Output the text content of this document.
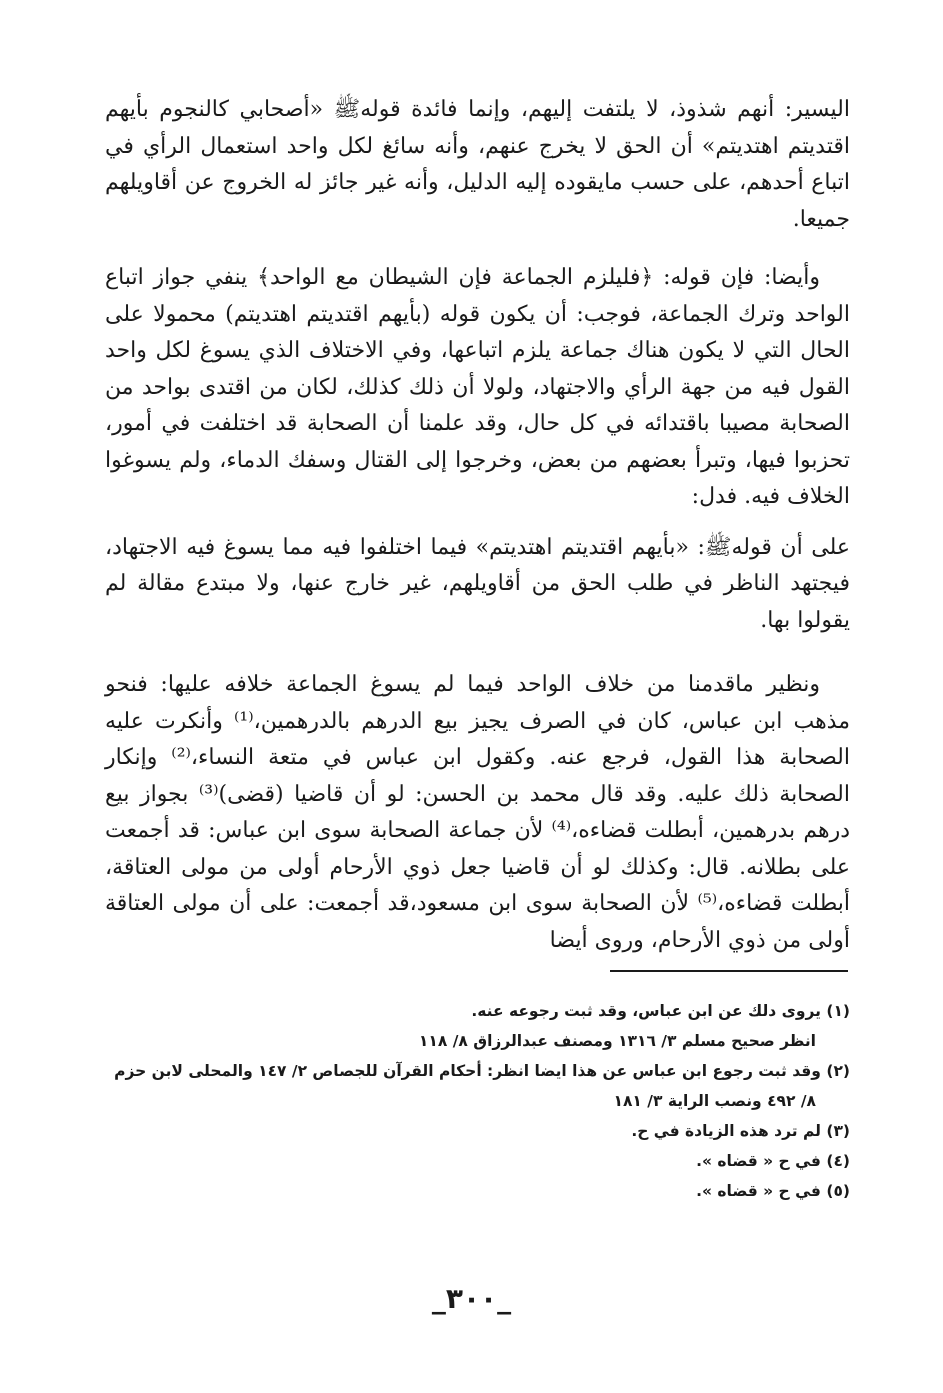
اليسير: أنهم شذوذ، لا يلتفت إليهم، وإنما فائدة قولهﷺ «أصحابي كالنجوم بأيهم اقتديتم اهتديتم» أن الحق لا يخرج عنهم، وأنه سائغ لكل واحد استعمال الرأي في اتباع أحدهم، على حسب مايقوده إليه الدليل، وأنه غير جائز له الخروج عن أقاويلهم جميعا.

وأيضا: فإن قوله: ﴿فليلزم الجماعة فإن الشيطان مع الواحد﴾ ينفي جواز اتباع الواحد وترك الجماعة، فوجب: أن يكون قوله (بأيهم اقتديتم اهتديتم) محمولا على الحال التي لا يكون هناك جماعة يلزم اتباعها، وفي الاختلاف الذي يسوغ لكل واحد القول فيه من جهة الرأي والاجتهاد، ولولا أن ذلك كذلك، لكان من اقتدى بواحد من الصحابة مصيبا باقتدائه في كل حال، وقد علمنا أن الصحابة قد اختلفت في أمور، تحزبوا فيها، وتبرأ بعضهم من بعض، وخرجوا إلى القتال وسفك الدماء، ولم يسوغوا الخلاف فيه. فدل:

على أن قولهﷺ: «بأيهم اقتديتم اهتديتم» فيما اختلفوا فيه مما يسوغ فيه الاجتهاد، فيجتهد الناظر في طلب الحق من أقاويلهم، غير خارج عنها، ولا مبتدع مقالة لم يقولوا بها.

ونظير ماقدمنا من خلاف الواحد فيما لم يسوغ الجماعة خلافه عليها: فنحو مذهب ابن عباس، كان في الصرف يجيز بيع الدرهم بالدرهمين،⁽¹⁾ وأنكرت عليه الصحابة هذا القول، فرجع عنه. وكقول ابن عباس في متعة النساء،⁽²⁾ وإنكار الصحابة ذلك عليه. وقد قال محمد بن الحسن: لو أن قاضيا (قضى)⁽³⁾ بجواز بيع درهم بدرهمين، أبطلت قضاءه،⁽⁴⁾ لأن جماعة الصحابة سوى ابن عباس: قد أجمعت على بطلانه. قال: وكذلك لو أن قاضيا جعل ذوي الأرحام أولى من مولى العتاقة، أبطلت قضاءه،⁽⁵⁾ لأن الصحابة سوى ابن مسعود،قد أجمعت: على أن مولى العتاقة أولى من ذوي الأرحام، وروى أيضا

(١) يروى دلك عن ابن عباس، وقد ثبت رجوعه عنه.

انظر صحيح مسلم ٣/ ١٣١٦ ومصنف عبدالرزاق ٨/ ١١٨

(٢) وقد ثبت رجوع ابن عباس عن هذا ايضا انظر: أحكام القرآن للجصاص ٢/ ١٤٧ والمحلى لابن حزم

٨/ ٤٩٢ ونصب الراية ٣/ ١٨١

(٣) لم ترد هذه الزيادة في ح.

(٤) في ح « قضاه ».

(٥) في ح « قضاه ».

_٣٠٠_
